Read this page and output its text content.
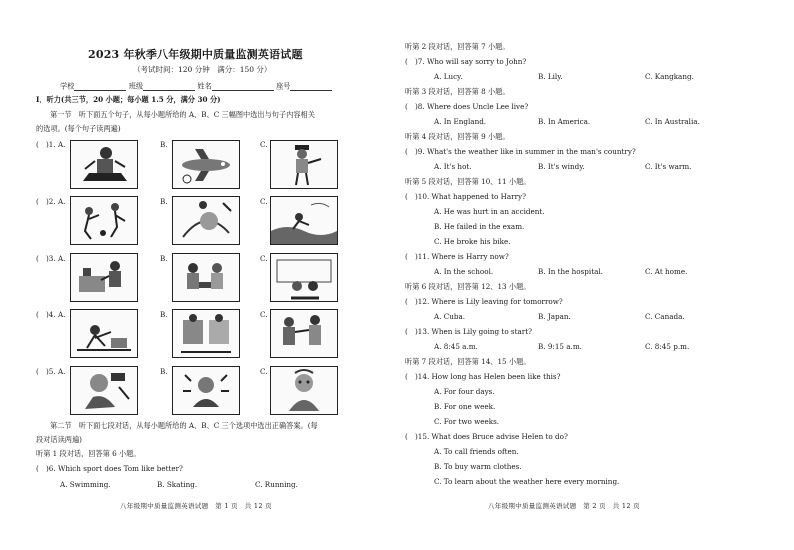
2023 年秋季八年级期中质量监测英语试题
（考试时间：120 分钟　满分：150 分）
学校	班级	姓名	座号
Ⅰ．听力(共三节，20 小题；每小题 1.5 分，满分 30 分)
第一节　听下面五个句子，从每小题所给的 A、B、C 三幅图中选出与句子内容相关
的选项。(每个句子读两遍)
(　)1. A.	B.	C.
(　)2. A.	B.	C.
(　)3. A.	B.	C.
(　)4. A.	B.	C.
(　)5. A.	B.	C.
第二节　听下面七段对话，从每小题所给的 A、B、C 三个选项中选出正确答案。(每
段对话读两遍)
听第 1 段对话，回答第 6 小题。
(　)6. Which sport does Tom like better?
A. Swimming.	B. Skating.	C. Running.
八年级期中质量监测英语试题　第 1 页　共 12 页
听第 2 段对话，回答第 7 小题。
(　)7. Who will say sorry to John?
A. Lucy.	B. Lily.	C. Kangkang.
听第 3 段对话，回答第 8 小题。
(　)8. Where does Uncle Lee live?
A. In England.	B. In America.	C. In Australia.
听第 4 段对话，回答第 9 小题。
(　)9. What's the weather like in summer in the man's country?
A. It's hot.	B. It's windy.	C. It's warm.
听第 5 段对话，回答第 10、11 小题。
(　)10. What happened to Harry?
A. He was hurt in an accident.
B. He failed in the exam.
C. He broke his bike.
(　)11. Where is Harry now?
A. In the school.	B. In the hospital.	C. At home.
听第 6 段对话，回答第 12、13 小题。
(　)12. Where is Lily leaving for tomorrow?
A. Cuba.	B. Japan.	C. Canada.
(　)13. When is Lily going to start?
A. 8:45 a.m.	B. 9:15 a.m.	C. 8:45 p.m.
听第 7 段对话，回答第 14、15 小题。
(　)14. How long has Helen been like this?
A. For four days.
B. For one week.
C. For two weeks.
(　)15. What does Bruce advise Helen to do?
A. To call friends often.
B. To buy warm clothes.
C. To learn about the weather here every morning.
八年级期中质量监测英语试题　第 2 页　共 12 页
